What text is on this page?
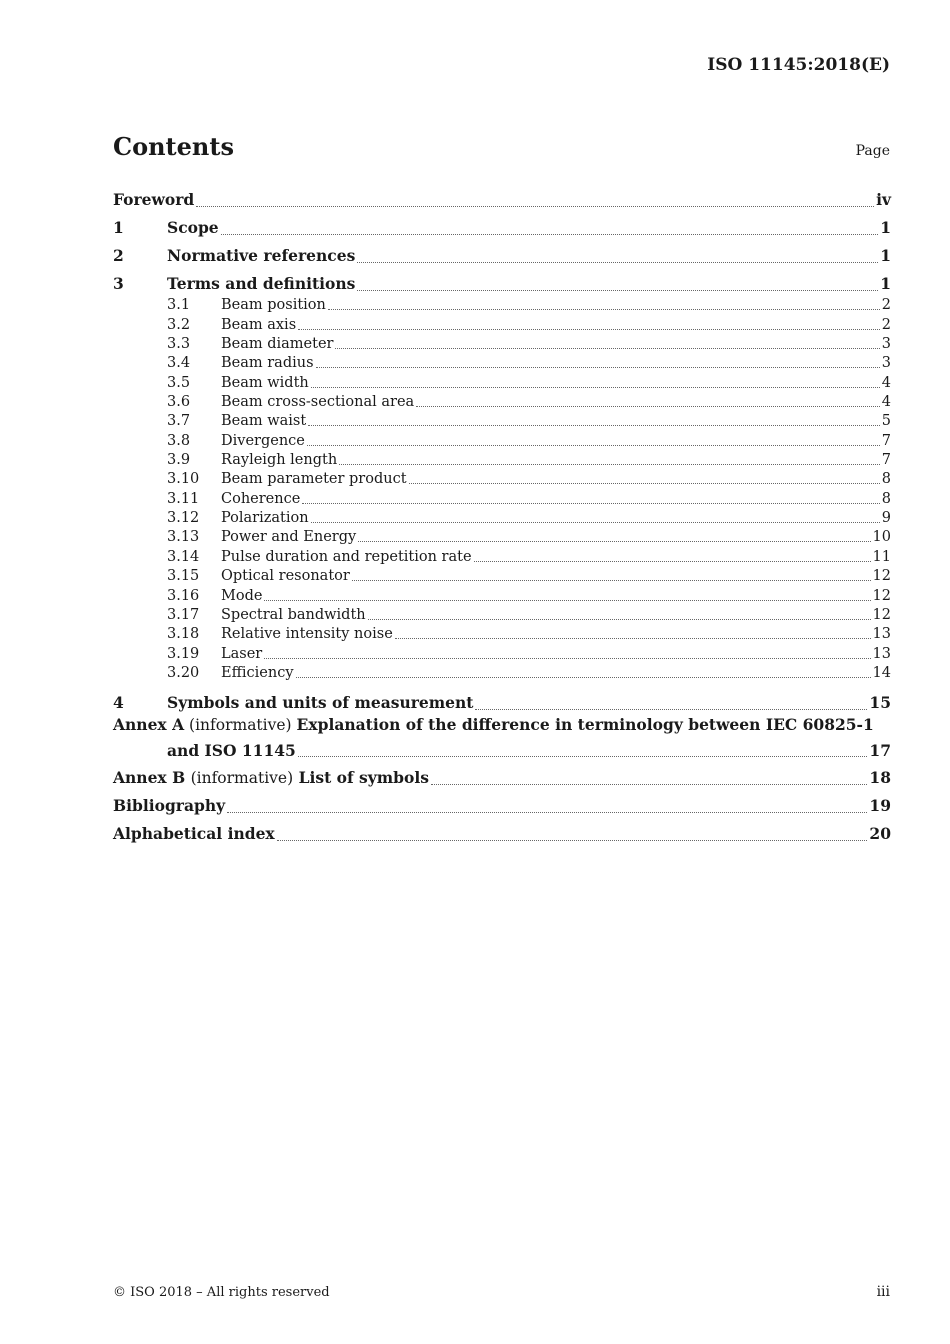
ISO 11145:2018(E)
Contents	Page
Foreword	iv
1	Scope	1
2	Normative references	1
3	Terms and definitions	1
3.1	Beam position	2
3.2	Beam axis	2
3.3	Beam diameter	3
3.4	Beam radius	3
3.5	Beam width	4
3.6	Beam cross-sectional area	4
3.7	Beam waist	5
3.8	Divergence	7
3.9	Rayleigh length	7
3.10	Beam parameter product	8
3.11	Coherence	8
3.12	Polarization	9
3.13	Power and Energy	10
3.14	Pulse duration and repetition rate	11
3.15	Optical resonator	12
3.16	Mode	12
3.17	Spectral bandwidth	12
3.18	Relative intensity noise	13
3.19	Laser	13
3.20	Efficiency	14
4	Symbols and units of measurement	15
Annex A (informative) Explanation of the difference in terminology between IEC 60825-1
and ISO 11145	17
Annex B (informative) List of symbols	18
Bibliography	19
Alphabetical index	20
© ISO 2018 – All rights reserved	iii
